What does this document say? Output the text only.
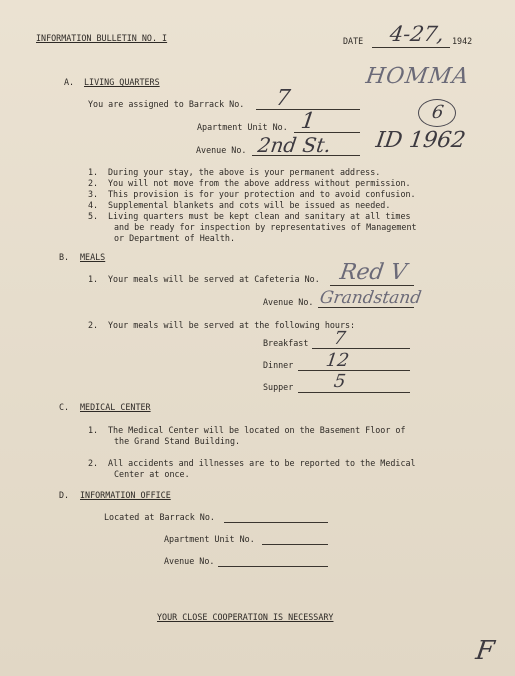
INFORMATION BULLETIN NO. I	DATE 4-27, 1942
HOMMA
6
ID 1962
A. LIVING QUARTERS
You are assigned to Barrack No. 7
Apartment Unit No. 1
Avenue No. 2nd St.
1. During your stay, the above is your permanent address.
2. You will not move from the above address without permission.
3. This provision is for your protection and to avoid confusion.
4. Supplemental blankets and cots will be issued as needed.
5. Living quarters must be kept clean and sanitary at all times
and be ready for inspection by representatives of Management
or Department of Health.
B. MEALS
1. Your meals will be served at Cafeteria No. Red V
Avenue No. Grandstand
2. Your meals will be served at the following hours:
Breakfast 7
Dinner 12
Supper 5
C. MEDICAL CENTER
1. The Medical Center will be located on the Basement Floor of
the Grand Stand Building.
2. All accidents and illnesses are to be reported to the Medical
Center at once.
D. INFORMATION OFFICE
Located at Barrack No.
Apartment Unit No.
Avenue No.
YOUR CLOSE COOPERATION IS NECESSARY
F
